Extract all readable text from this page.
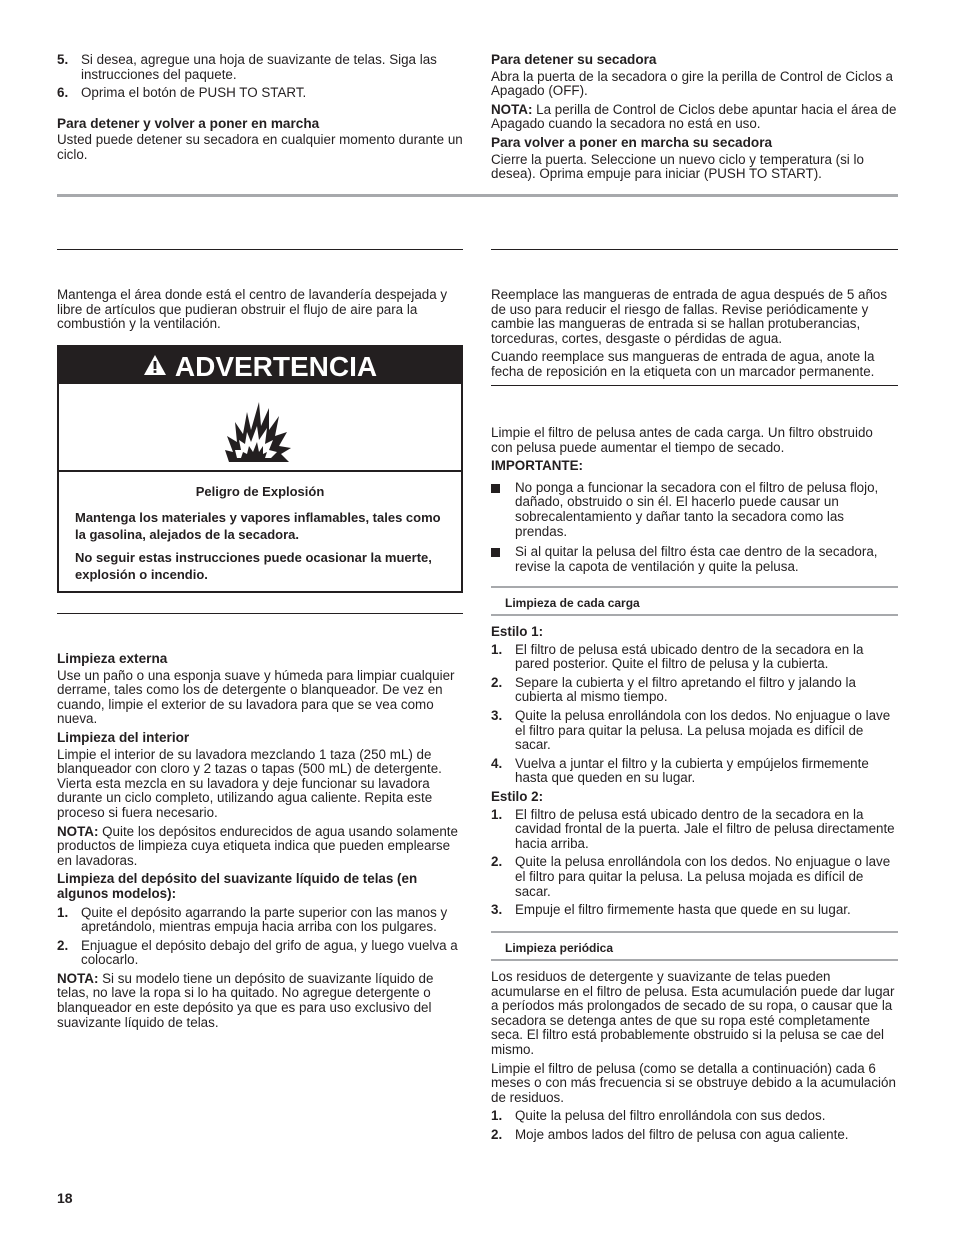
5. Si desea, agregue una hoja de suavizante de telas. Siga las instrucciones del paquete.
6. Oprima el botón de PUSH TO START.
Para detener y volver a poner en marcha

Usted puede detener su secadora en cualquier momento durante un ciclo.

Para detener su secadora

Abra la puerta de la secadora o gire la perilla de Control de Ciclos a Apagado (OFF).

NOTA: La perilla de Control de Ciclos debe apuntar hacia el área de Apagado cuando la secadora no está en uso.

Para volver a poner en marcha su secadora

Cierre la puerta. Seleccione un nuevo ciclo y temperatura (si lo desea). Oprima empuje para iniciar (PUSH TO START).

Mantenga el área donde está el centro de lavandería despejada y libre de artículos que pudieran obstruir el flujo de aire para la combustión y la ventilación.

ADVERTENCIA

Peligro de Explosión

Mantenga los materiales y vapores inflamables, tales como la gasolina, alejados de la secadora.

No seguir estas instrucciones puede ocasionar la muerte, explosión o incendio.

Limpieza externa

Use un paño o una esponja suave y húmeda para limpiar cualquier derrame, tales como los de detergente o blanqueador. De vez en cuando, limpie el exterior de su lavadora para que se vea como nueva.

Limpieza del interior

Limpie el interior de su lavadora mezclando 1 taza (250 mL) de blanqueador con cloro y 2 tazas o tapas (500 mL) de detergente. Vierta esta mezcla en su lavadora y deje funcionar su lavadora durante un ciclo completo, utilizando agua caliente. Repita este proceso si fuera necesario.

NOTA: Quite los depósitos endurecidos de agua usando solamente productos de limpieza cuya etiqueta indica que pueden emplearse en lavadoras.

Limpieza del depósito del suavizante líquido de telas (en algunos modelos):

1. Quite el depósito agarrando la parte superior con las manos y apretándolo, mientras empuja hacia arriba con los pulgares.
2. Enjuague el depósito debajo del grifo de agua, y luego vuelva a colocarlo.

NOTA: Si su modelo tiene un depósito de suavizante líquido de telas, no lave la ropa si lo ha quitado. No agregue detergente o blanqueador en este depósito ya que es para uso exclusivo del suavizante líquido de telas.

Reemplace las mangueras de entrada de agua después de 5 años de uso para reducir el riesgo de fallas. Revise periódicamente y cambie las mangueras de entrada si se hallan protuberancias, torceduras, cortes, desgaste o pérdidas de agua.

Cuando reemplace sus mangueras de entrada de agua, anote la fecha de reposición en la etiqueta con un marcador permanente.

Limpie el filtro de pelusa antes de cada carga. Un filtro obstruido con pelusa puede aumentar el tiempo de secado.

IMPORTANTE:

No ponga a funcionar la secadora con el filtro de pelusa flojo, dañado, obstruido o sin él. El hacerlo puede causar un sobrecalentamiento y dañar tanto la secadora como las prendas.
Si al quitar la pelusa del filtro ésta cae dentro de la secadora, revise la capota de ventilación y quite la pelusa.
Limpieza de cada carga

Estilo 1:

1. El filtro de pelusa está ubicado dentro de la secadora en la pared posterior. Quite el filtro de pelusa y la cubierta.
2. Separe la cubierta y el filtro apretando el filtro y jalando la cubierta al mismo tiempo.
3. Quite la pelusa enrollándola con los dedos. No enjuague o lave el filtro para quitar la pelusa. La pelusa mojada es difícil de sacar.
4. Vuelva a juntar el filtro y la cubierta y empújelos firmemente hasta que queden en su lugar.

Estilo 2:

1. El filtro de pelusa está ubicado dentro de la secadora en la cavidad frontal de la puerta. Jale el filtro de pelusa directamente hacia arriba.
2. Quite la pelusa enrollándola con los dedos. No enjuague o lave el filtro para quitar la pelusa. La pelusa mojada es difícil de sacar.
3. Empuje el filtro firmemente hasta que quede en su lugar.
Limpieza periódica

Los residuos de detergente y suavizante de telas pueden acumularse en el filtro de pelusa. Esta acumulación puede dar lugar a períodos más prolongados de secado de su ropa, o causar que la secadora se detenga antes de que su ropa esté completamente seca. El filtro está probablemente obstruido si la pelusa se cae del mismo.

Limpie el filtro de pelusa (como se detalla a continuación) cada 6 meses o con más frecuencia si se obstruye debido a la acumulación de residuos.

1. Quite la pelusa del filtro enrollándola con sus dedos.
2. Moje ambos lados del filtro de pelusa con agua caliente.
18
